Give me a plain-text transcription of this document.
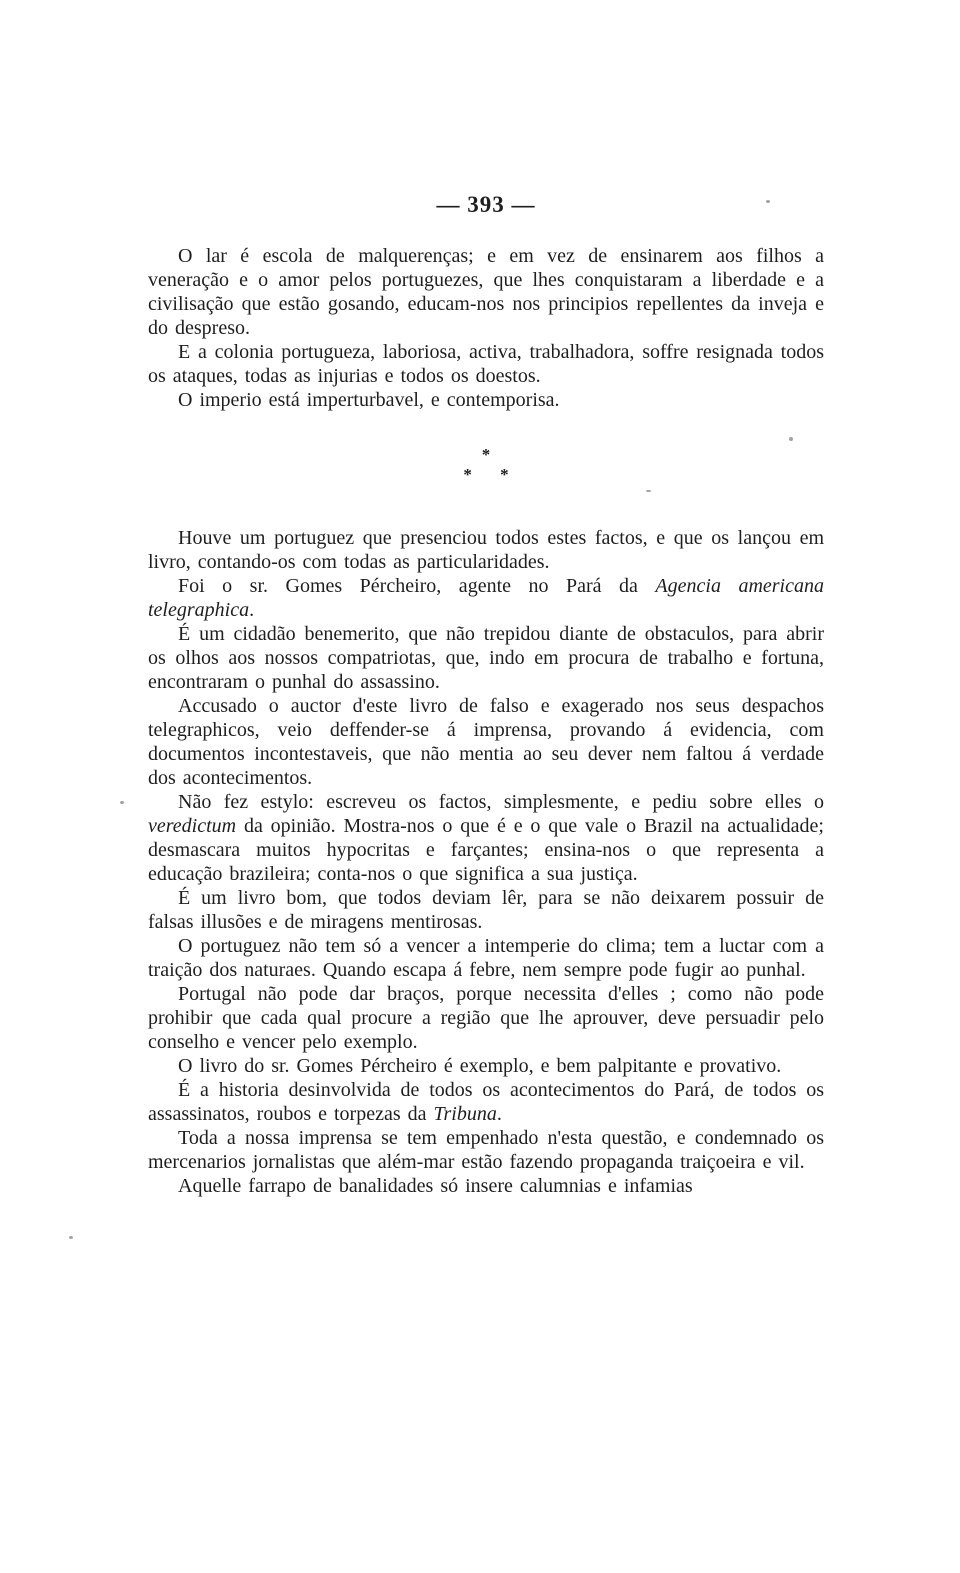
— 393 —

O lar é escola de malquerenças; e em vez de ensinarem aos filhos a veneração e o amor pelos portuguezes, que lhes conquistaram a liberdade e a civilisação que estão gosando, educam-nos nos principios repellentes da inveja e do despreso.

E a colonia portugueza, laboriosa, activa, trabalhadora, soffre resignada todos os ataques, todas as injurias e todos os doestos.

O imperio está imperturbavel, e contemporisa.

*
* *

Houve um portuguez que presenciou todos estes factos, e que os lançou em livro, contando-os com todas as particularidades.

Foi o sr. Gomes Pércheiro, agente no Pará da Agencia americana telegraphica.

É um cidadão benemerito, que não trepidou diante de obstaculos, para abrir os olhos aos nossos compatriotas, que, indo em procura de trabalho e fortuna, encontraram o punhal do assassino.

Accusado o auctor d'este livro de falso e exagerado nos seus despachos telegraphicos, veio deffender-se á imprensa, provando á evidencia, com documentos incontestaveis, que não mentia ao seu dever nem faltou á verdade dos acontecimentos.

Não fez estylo: escreveu os factos, simplesmente, e pediu sobre elles o veredictum da opinião. Mostra-nos o que é e o que vale o Brazil na actualidade; desmascara muitos hypocritas e farçantes; ensina-nos o que representa a educação brazileira; conta-nos o que significa a sua justiça.

É um livro bom, que todos deviam lêr, para se não deixarem possuir de falsas illusões e de miragens mentirosas.

O portuguez não tem só a vencer a intemperie do clima; tem a luctar com a traição dos naturaes. Quando escapa á febre, nem sempre pode fugir ao punhal.

Portugal não pode dar braços, porque necessita d'elles ; como não pode prohibir que cada qual procure a região que lhe aprouver, deve persuadir pelo conselho e vencer pelo exemplo.

O livro do sr. Gomes Pércheiro é exemplo, e bem palpitante e provativo.

É a historia desinvolvida de todos os acontecimentos do Pará, de todos os assassinatos, roubos e torpezas da Tribuna.

Toda a nossa imprensa se tem empenhado n'esta questão, e condemnado os mercenarios jornalistas que além-mar estão fazendo propaganda traiçoeira e vil.

Aquelle farrapo de banalidades só insere calumnias e infamias
